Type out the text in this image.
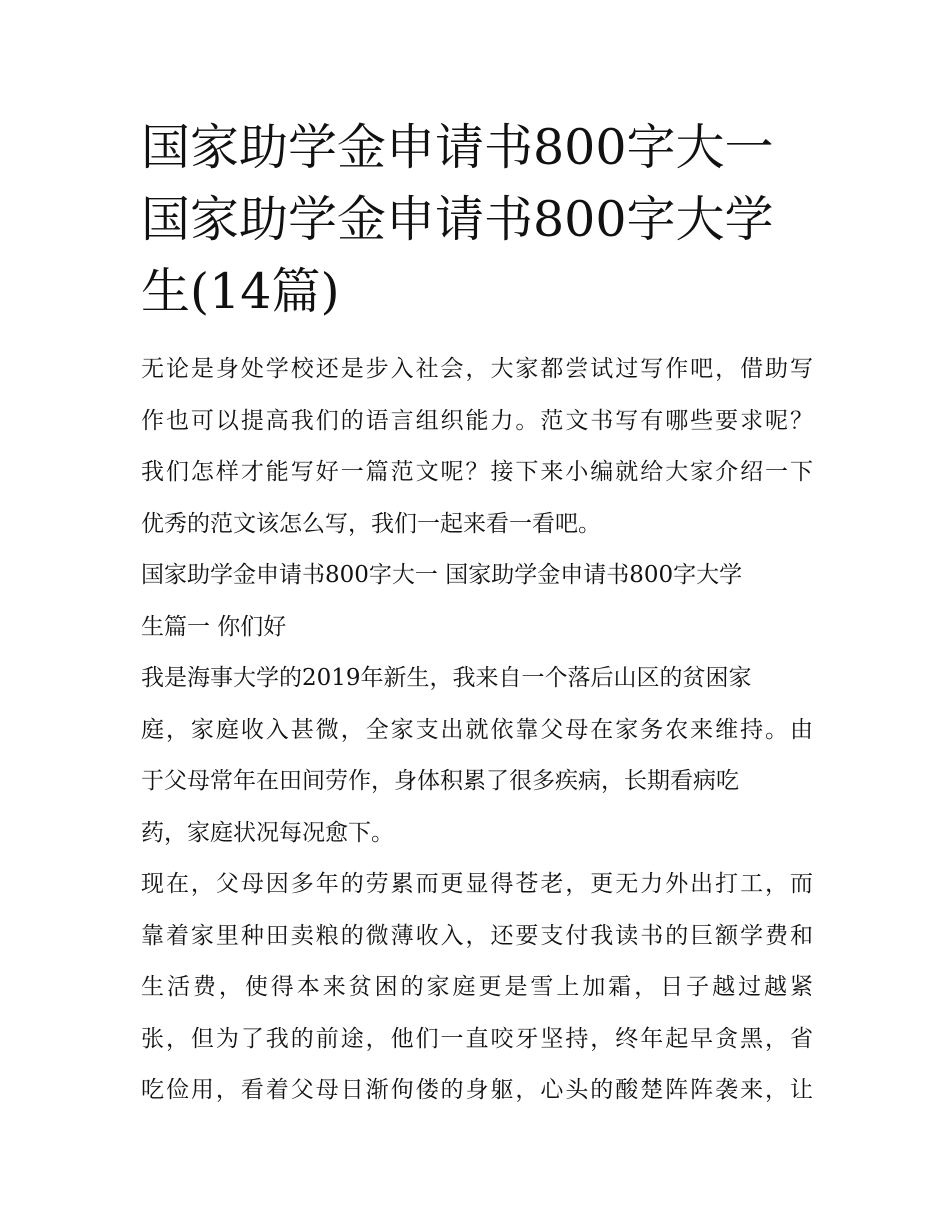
国家助学金申请书800字大一
国家助学金申请书800字大学
生(14篇)

无论是身处学校还是步入社会，大家都尝试过写作吧，借助写
作也可以提高我们的语言组织能力。范文书写有哪些要求呢？
我们怎样才能写好一篇范文呢？接下来小编就给大家介绍一下
优秀的范文该怎么写，我们一起来看一看吧。

国家助学金申请书800字大一 国家助学金申请书800字大学
生篇一 你们好

我是海事大学的2019年新生，我来自一个落后山区的贫困家
庭，家庭收入甚微，全家支出就依靠父母在家务农来维持。由
于父母常年在田间劳作，身体积累了很多疾病，长期看病吃
药，家庭状况每况愈下。

现在，父母因多年的劳累而更显得苍老，更无力外出打工，而
靠着家里种田卖粮的微薄收入，还要支付我读书的巨额学费和
生活费，使得本来贫困的家庭更是雪上加霜，日子越过越紧
张，但为了我的前途，他们一直咬牙坚持，终年起早贪黑，省
吃俭用，看着父母日渐佝偻的身躯，心头的酸楚阵阵袭来，让
